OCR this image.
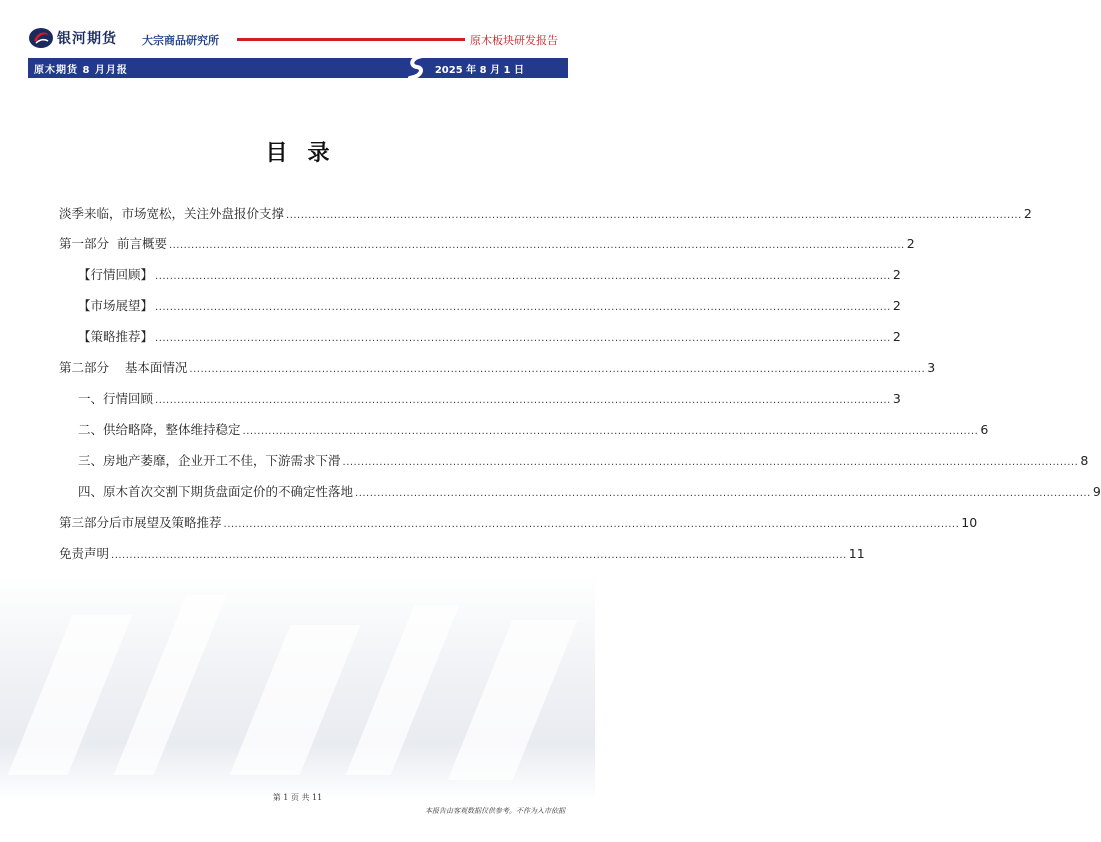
银河期货 大宗商品研究所	原木板块研发报告
原木期货 8 月月报	2025 年 8 月 1 日
目录
淡季来临，市场宽松，关注外盘报价支撑 ........................................................................................................................................................................................................ 2
第一部分  前言概要 ........................................................................................................................................................................................................ 2
【行情回顾】 ........................................................................................................................................................................................................ 2
【市场展望】 ........................................................................................................................................................................................................ 2
【策略推荐】 ........................................................................................................................................................................................................ 2
第二部分    基本面情况 ........................................................................................................................................................................................................ 3
一、行情回顾 ........................................................................................................................................................................................................ 3
二、供给略降，整体维持稳定 ........................................................................................................................................................................................................ 6
三、房地产萎靡，企业开工不佳，下游需求下滑 ........................................................................................................................................................................................................ 8
四、原木首次交割下期货盘面定价的不确定性落地 ........................................................................................................................................................................................................ 9
第三部分后市展望及策略推荐 ........................................................................................................................................................................................................ 10
免责声明 ........................................................................................................................................................................................................ 11
第 1 页 共 11
本报告由客观数据仅供参考。不作为入市依据
